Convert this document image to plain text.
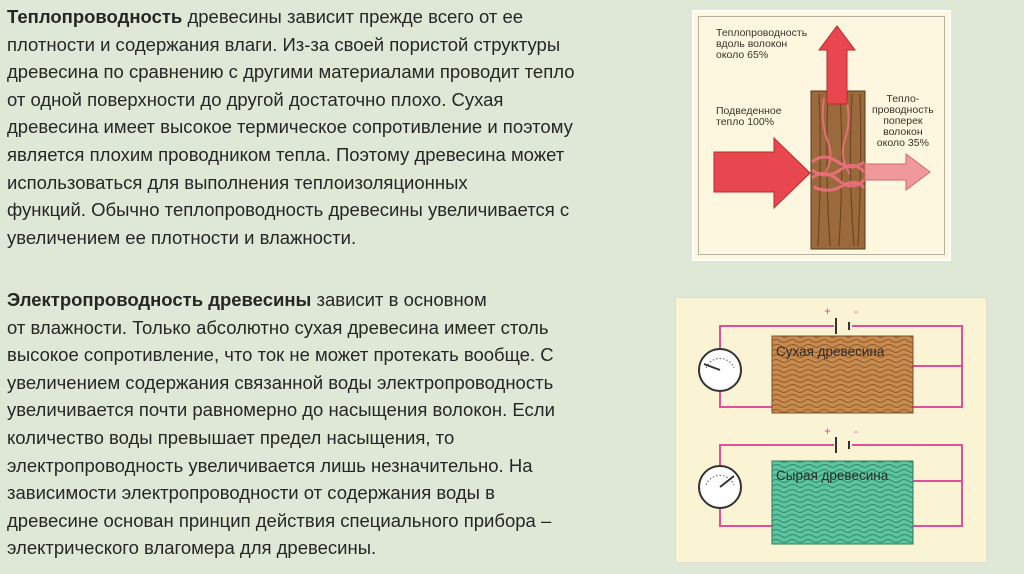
Теплопроводность древесины зависит прежде всего от ее
плотности и содержания влаги. Из-за своей пористой структуры
древесина по сравнению с другими материалами проводит тепло
от одной поверхности до другой достаточно плохо. Сухая
древесина имеет высокое термическое сопротивление и поэтому
является плохим проводником тепла. Поэтому древесина может
использоваться для выполнения теплоизоляционных
функций. Обычно теплопроводность древесины увеличивается с
увеличением ее плотности и влажности.
Электропроводность древесины зависит в основном
от влажности. Только абсолютно сухая древесина имеет столь
высокое сопротивление, что ток не может протекать вообще. С
увеличением содержания связанной воды электропроводность
увеличивается почти равномерно до насыщения волокон. Если
количество воды превышает предел насыщения, то
электропроводность увеличивается лишь незначительно. На
зависимости электропроводности от содержания воды в
древесине основан принцип действия специального прибора –
электрического влагомера для древесины.
Теплопроводность
вдоль волокон
около 65%
Подведенное
тепло 100%
Тепло-
проводность
поперек
волокон
около 35%
Сухая древесина
Сырая древесина
+ -
+ -
